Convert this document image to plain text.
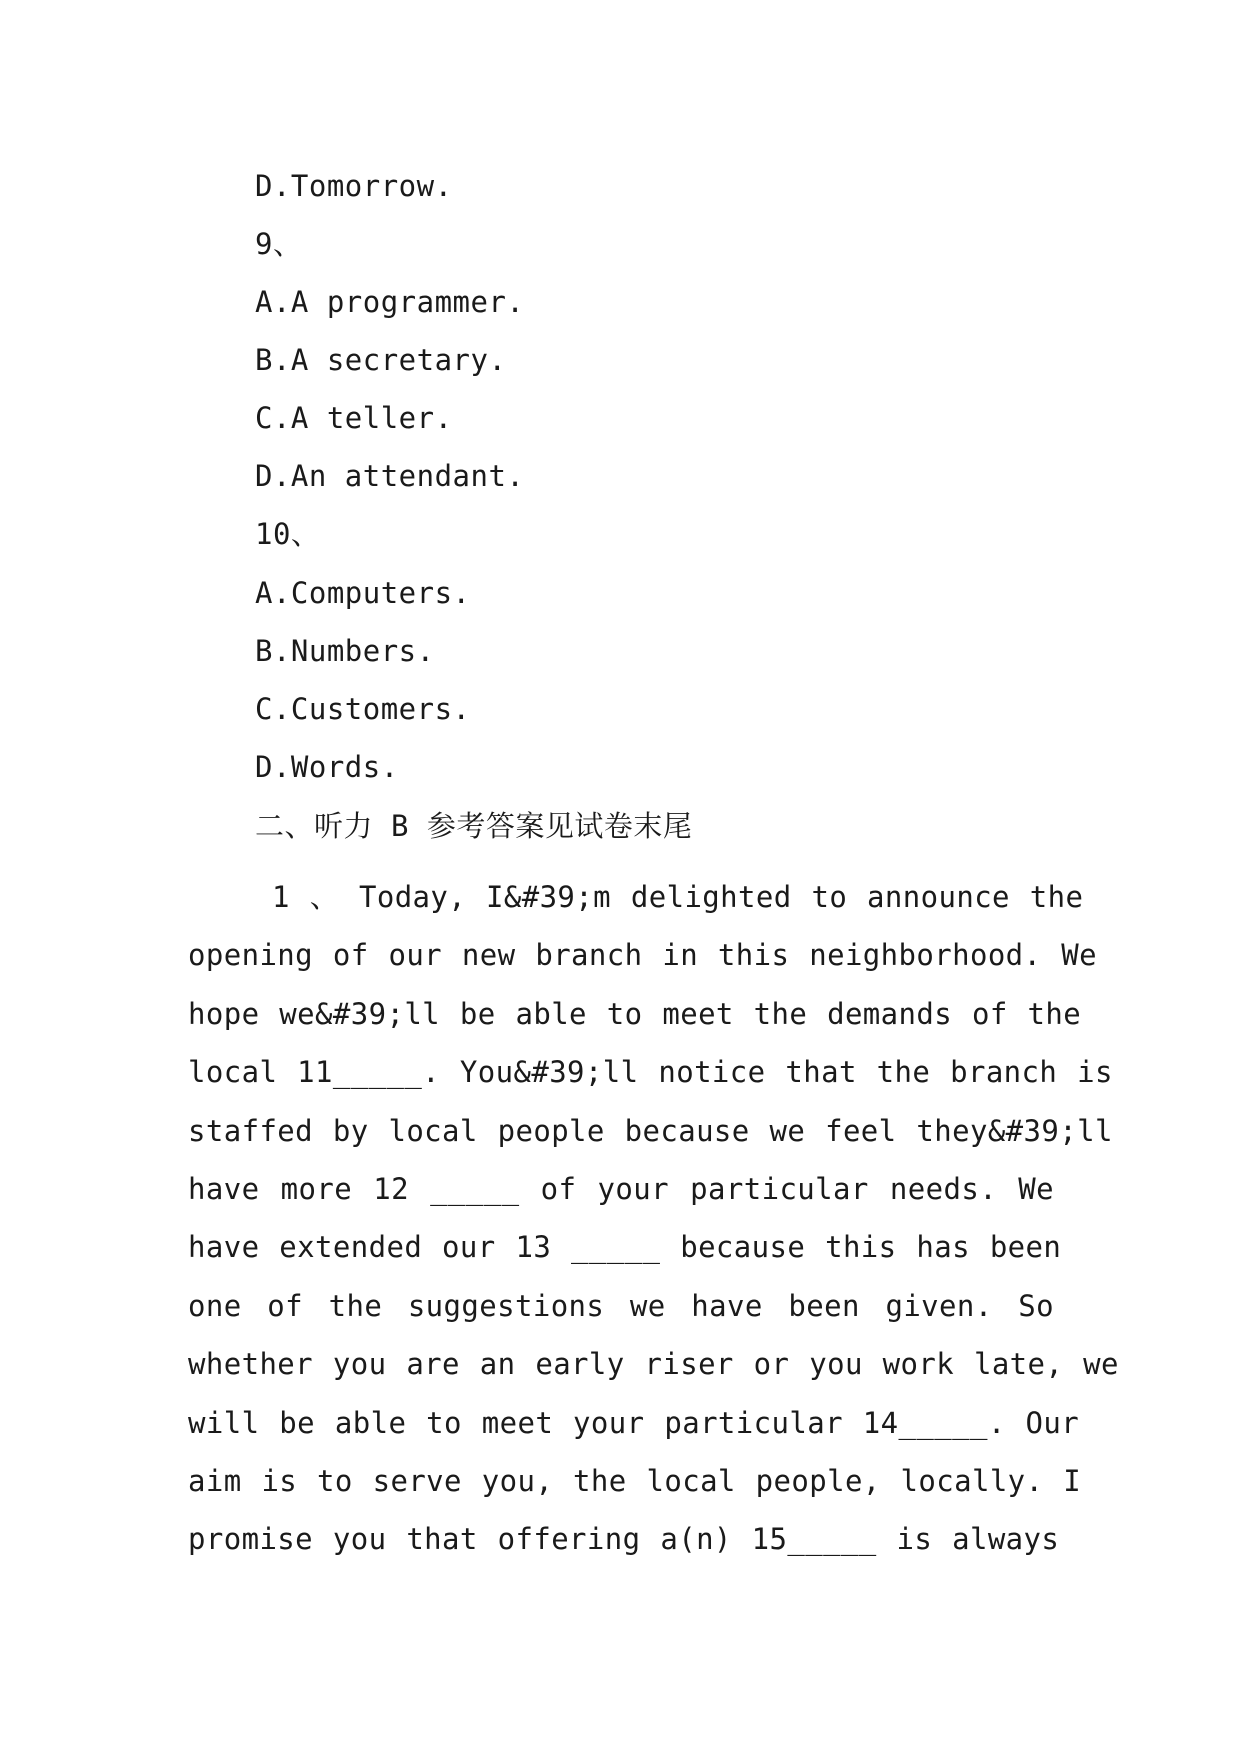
D.Tomorrow.
9、
A.A programmer.
B.A secretary.
C.A teller.
D.An attendant.
10、
A.Computers.
B.Numbers.
C.Customers.
D.Words.
二、听力 B 参考答案见试卷末尾
1 、 Today, I&#39;m delighted to announce the
opening of our new branch in this neighborhood. We
hope we&#39;ll be able to meet the demands of the
local 11_____. You&#39;ll notice that the branch is
staffed by local people because we feel they&#39;ll
have more 12 _____ of your particular needs. We
have extended our 13 _____ because this has been
one of the suggestions we have been given. So
whether you are an early riser or you work late, we
will be able to meet your particular 14_____. Our
aim is to serve you, the local people, locally. I
promise you that offering a(n) 15_____ is always
